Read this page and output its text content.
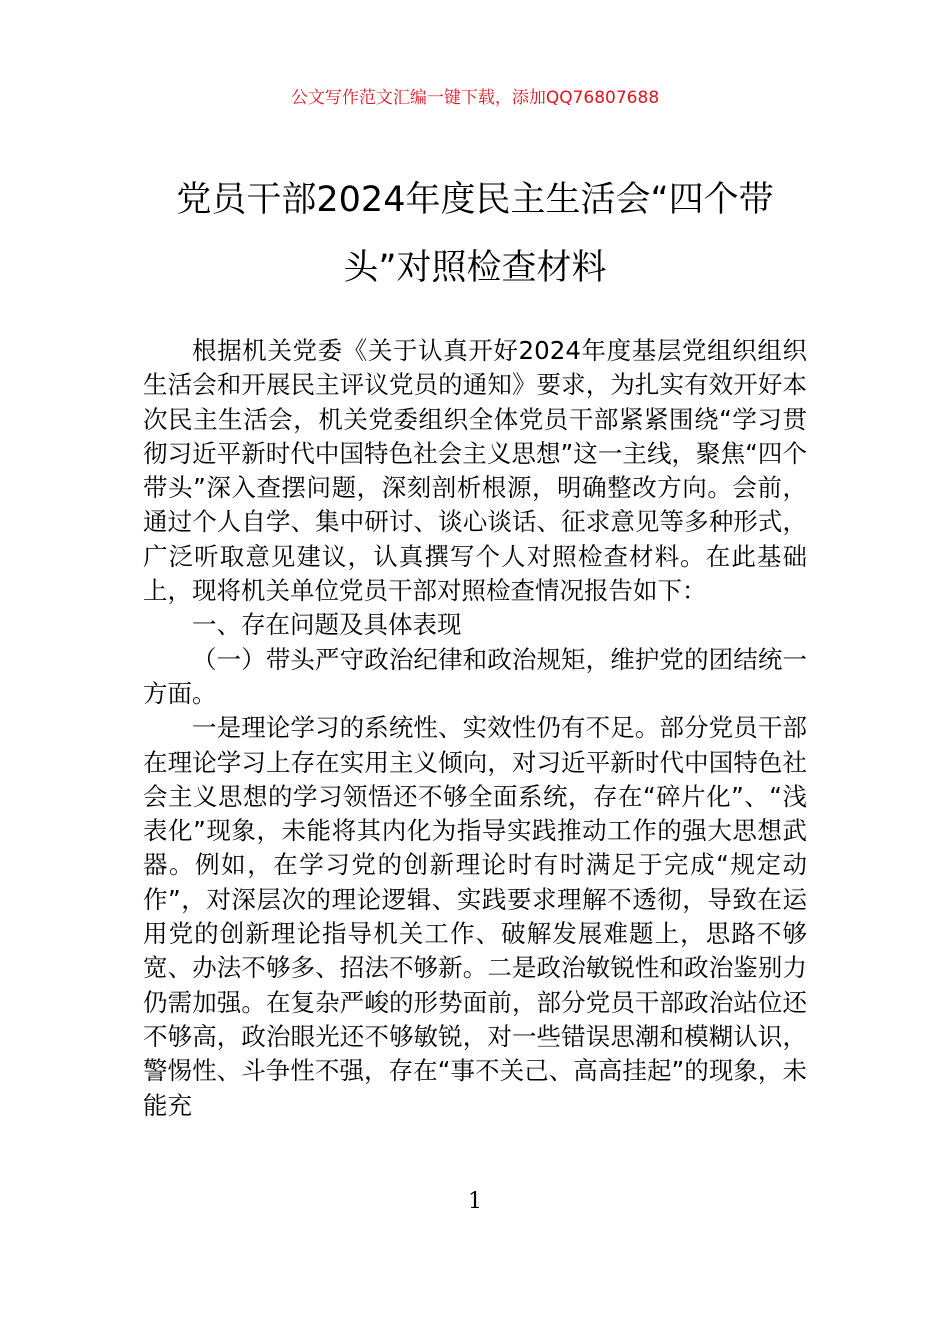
公文写作范文汇编一键下载，添加QQ76807688
党员干部2024年度民主生活会“四个带
头”对照检查材料

根据机关党委《关于认真开好2024年度基层党组织组织生活会和开展民主评议党员的通知》要求，为扎实有效开好本次民主生活会，机关党委组织全体党员干部紧紧围绕“学习贯彻习近平新时代中国特色社会主义思想”这一主线，聚焦“四个带头”深入查摆问题，深刻剖析根源，明确整改方向。会前，通过个人自学、集中研讨、谈心谈话、征求意见等多种形式，广泛听取意见建议，认真撰写个人对照检查材料。在此基础上，现将机关单位党员干部对照检查情况报告如下：

一、存在问题及具体表现

（一）带头严守政治纪律和政治规矩，维护党的团结统一方面。

一是理论学习的系统性、实效性仍有不足。部分党员干部在理论学习上存在实用主义倾向，对习近平新时代中国特色社会主义思想的学习领悟还不够全面系统，存在“碎片化”、“浅表化”现象，未能将其内化为指导实践推动工作的强大思想武器。例如，在学习党的创新理论时有时满足于完成“规定动作”，对深层次的理论逻辑、实践要求理解不透彻，导致在运用党的创新理论指导机关工作、破解发展难题上，思路不够宽、办法不够多、招法不够新。二是政治敏锐性和政治鉴别力仍需加强。在复杂严峻的形势面前，部分党员干部政治站位还不够高，政治眼光还不够敏锐，对一些错误思潮和模糊认识，警惕性、斗争性不强，存在“事不关己、高高挂起”的现象，未能充

1
